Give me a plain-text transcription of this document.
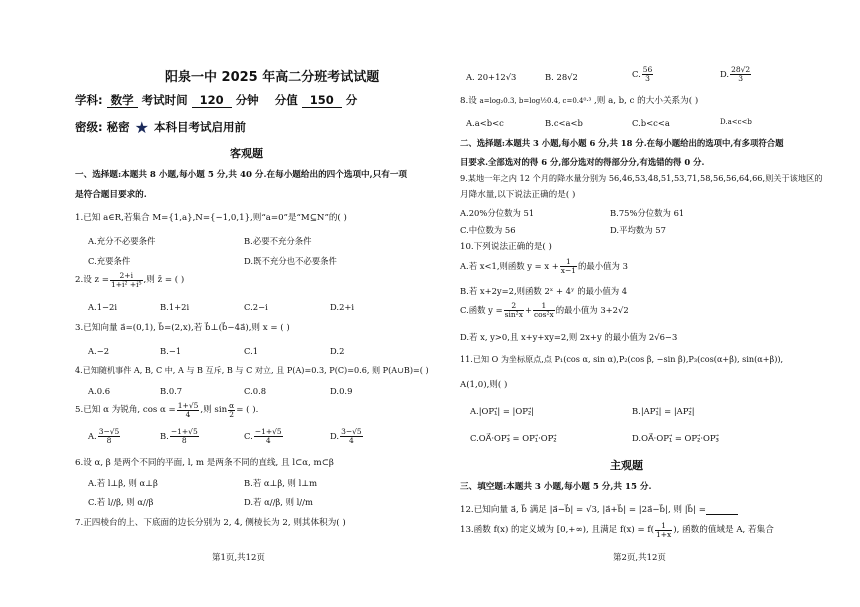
阳泉一中 2025 年高二分班考试试题
学科: 数学 考试时间 120 分钟 分值 150 分
密级: 秘密 ★ 本科目考试启用前
客观题
一、选择题:本题共 8 小题,每小题 5 分,共 40 分.在每小题给出的四个选项中,只有一项
是符合题目要求的.
1.已知 a∈R,若集合 M={1,a},N={−1,0,1},则“a=0”是“M⊆N”的( )
A.充分不必要条件	B.必要不充分条件
C.充要条件	D.既不充分也不必要条件
2.设 $z = \frac{2+i}{\text{1+i² +i⁵}}$ ,则 z̄ = ( )
A.1−2i	B.1+2i	C.2−i	D.2+i
3.已知向量 a⃗=(0,1), b⃗=(2,x),若 b⃗⊥(b⃗−4a⃗),则 x = ( )
A.−2	B.−1	C.1	D.2
4.已知随机事件 A, B, C 中, A 与 B 互斥, B 与 C 对立, 且 P(A)=0.3, P(C)=0.6, 则 P(A∪B)=( )
A.0.6	B.0.7	C.0.8	D.0.9
5.已知 α 为锐角, $\cos \alpha = \frac{1+√5}{4}$ ,则 $\sin \frac{\alpha}{2}$ = ( ).
A. $\frac{3-√5}{8}$	B. $\frac{-1+√5}{8}$	C. $\frac{-1+√5}{4}$	D. $\frac{3-√5}{4}$
6.设 α, β 是两个不同的平面, l, m 是两条不同的直线, 且 l⊂α, m⊂β
A.若 l⊥β, 则 α⊥β	B.若 α⊥β, 则 l⊥m
C.若 l//β, 则 α//β	D.若 α//β, 则 l//m
7.正四棱台的上、下底面的边长分别为 2, 4, 侧棱长为 2, 则其体积为( )
第1页,共12页
A. 20+12√3	B. 28√2	C. $\frac{56}{3}$	D. $\frac{28√2}{3}$
8.设 a=log₂0.3, b=log½0.4, c=0.4⁰·³ ,则 a, b, c 的大小关系为( )
A.a<b<c	B.c<a<b	C.b<c<a	D.a<c<b
二、选择题:本题共 3 小题,每小题 6 分,共 18 分.在每小题给出的选项中,有多项符合题
目要求.全部选对的得 6 分,部分选对的得部分分,有选错的得 0 分.
9.某地一年之内 12 个月的降水量分别为 56,46,53,48,51,53,71,58,56,56,64,66,则关于该地区的
月降水量,以下说法正确的是( )
A.20%分位数为 51	B.75%分位数为 61
C.中位数为 56	D.平均数为 57
10.下列说法正确的是( )
A.若 x<1,则函数 $y = x + \frac{1}{x-1}$ 的最小值为 3
B.若 x+2y=2,则函数 2ˣ + 4ʸ 的最小值为 4
C.函数 $y = \frac{2}{\text{sin²x}} + \frac{1}{\text{cos²x}}$ 的最小值为 3+2√2
D.若 x, y>0,且 x+y+xy=2,则 2x+y 的最小值为 2√6−3
11.已知 O 为坐标原点,点 P₁(cos α, sin α),P₂(cos β, −sin β),P₃(cos(α+β), sin(α+β)),
A(1,0),则( )
A.|OP₁⃗| = |OP₂⃗|	B.|AP₁⃗| = |AP₂⃗|
C.OA⃗·OP₃⃗ = OP₁⃗·OP₂⃗	D.OA⃗·OP₁⃗ = OP₂⃗·OP₃⃗
主观题
三、填空题:本题共 3 小题,每小题 5 分,共 15 分.
12.已知向量 a⃗, b⃗ 满足 |a⃗−b⃗| = √3, |a⃗+b⃗| = |2a⃗−b⃗|, 则 |b⃗| =
13.函数 f(x) 的定义域为 [0,+∞), 且满足 $f(x) = f( \frac{1}{1+x}$ ), 函数的值域是 A, 若集合
第2页,共12页
